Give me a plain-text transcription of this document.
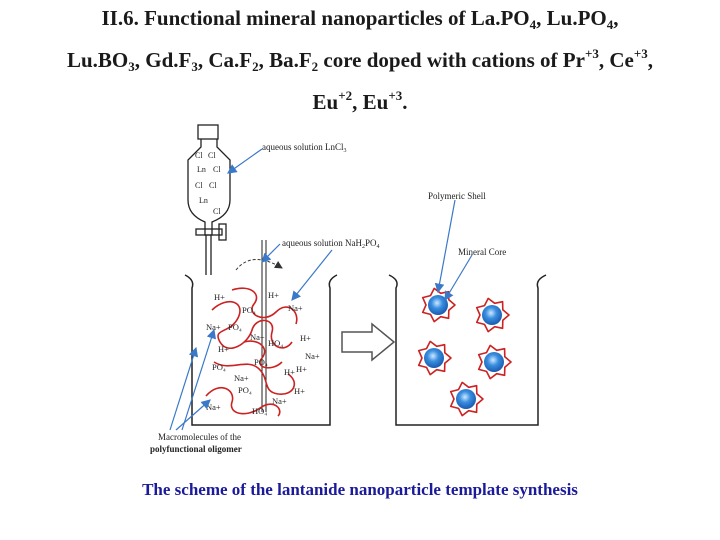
II.6. Functional mineral nanoparticles of $La.PO_4$, $Lu.PO_4$,
$Lu.BO_3$, $Gd.F_3$, $Ca.F_2$, $Ba.F_2$ core doped with cations of $Pr^{+3}$, $Ce^{+3}$,
$Eu^{+2}$, $Eu^{+3}$.
Cl Cl
Ln Cl
Cl Cl
Ln
Cl
H+	H+
Na+
Na+
PO₄
PO₄
Na+
HO₄ H+
H+
H+
PO₄
Na+
PO₄
Na+
H+
Na+
H+
Na+
HO₄
PO₄
aqueous solution LnCl$_3$
aqueous solution $NaH_2PO_4$
Polymeric Shell
Mineral Core
Macromolecules of the
polyfunctional oligomer
The scheme of the lantanide nanoparticle template synthesis
